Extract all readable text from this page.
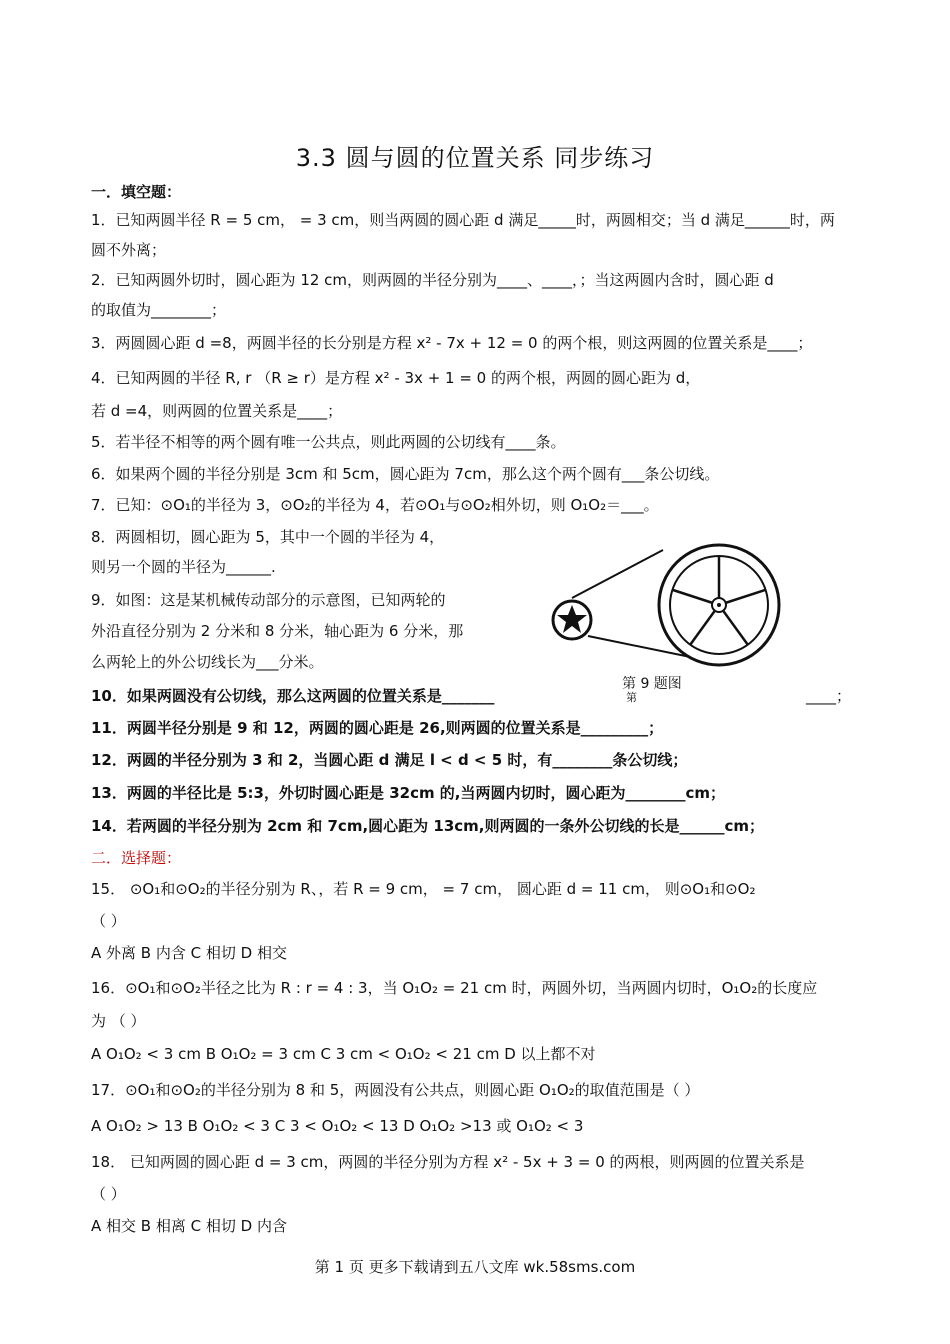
3.3 圆与圆的位置关系 同步练习
一．填空题：
1．已知两圆半径 R = 5 cm， = 3 cm，则当两圆的圆心距 d 满足_____时，两圆相交；当 d 满足______时，两
圆不外离；
2．已知两圆外切时，圆心距为 12 cm，则两圆的半径分别为____、____，；当这两圆内含时，圆心距 d
的取值为________；
3．两圆圆心距 d =8，两圆半径的长分别是方程 x² - 7x + 12 = 0 的两个根，则这两圆的位置关系是____；
4．已知两圆的半径 R, r （R ≥ r）是方程 x² - 3x + 1 = 0 的两个根，两圆的圆心距为 d，
若 d =4，则两圆的位置关系是____；
5．若半径不相等的两个圆有唯一公共点，则此两圆的公切线有____条。
6．如果两个圆的半径分别是 3cm 和 5cm，圆心距为 7cm，那么这个两个圆有___条公切线。
7．已知：⊙O₁的半径为 3，⊙O₂的半径为 4，若⊙O₁与⊙O₂相外切，则 O₁O₂＝___。
8．两圆相切，圆心距为 5，其中一个圆的半径为 4，
则另一个圆的半径为______.
9．如图：这是某机械传动部分的示意图，已知两轮的
外沿直径分别为 2 分米和 8 分米，轴心距为 6 分米，那
么两轮上的外公切线长为___分米。
第 9 题图
第
10．如果两圆没有公切线，那么这两圆的位置关系是_______	____；
11．两圆半径分别是 9 和 12，两圆的圆心距是 26,则两圆的位置关系是_________；
12．两圆的半径分别为 3 和 2，当圆心距 d 满足 l < d < 5 时，有________条公切线；
13．两圆的半径比是 5:3，外切时圆心距是 32cm 的,当两圆内切时，圆心距为________cm；
14．若两圆的半径分别为 2cm 和 7cm,圆心距为 13cm,则两圆的一条外公切线的长是______cm；
二．选择题：
15． ⊙O₁和⊙O₂的半径分别为 R、，若 R = 9 cm， = 7 cm， 圆心距 d = 11 cm， 则⊙O₁和⊙O₂
（ ）
A 外离 B 内含 C 相切 D 相交
16．⊙O₁和⊙O₂半径之比为 R : r = 4 : 3，当 O₁O₂ = 21 cm 时，两圆外切，当两圆内切时，O₁O₂的长度应
为 （ ）
A O₁O₂ < 3 cm B O₁O₂ = 3 cm C 3 cm < O₁O₂ < 21 cm D 以上都不对
17．⊙O₁和⊙O₂的半径分别为 8 和 5，两圆没有公共点，则圆心距 O₁O₂的取值范围是（ ）
A O₁O₂ > 13 B O₁O₂ < 3 C 3 < O₁O₂ < 13 D O₁O₂ >13 或 O₁O₂ < 3
18． 已知两圆的圆心距 d = 3 cm，两圆的半径分别为方程 x² - 5x + 3 = 0 的两根，则两圆的位置关系是
（ ）
A 相交 B 相离 C 相切 D 内含
第 1 页 更多下载请到五八文库 wk.58sms.com
